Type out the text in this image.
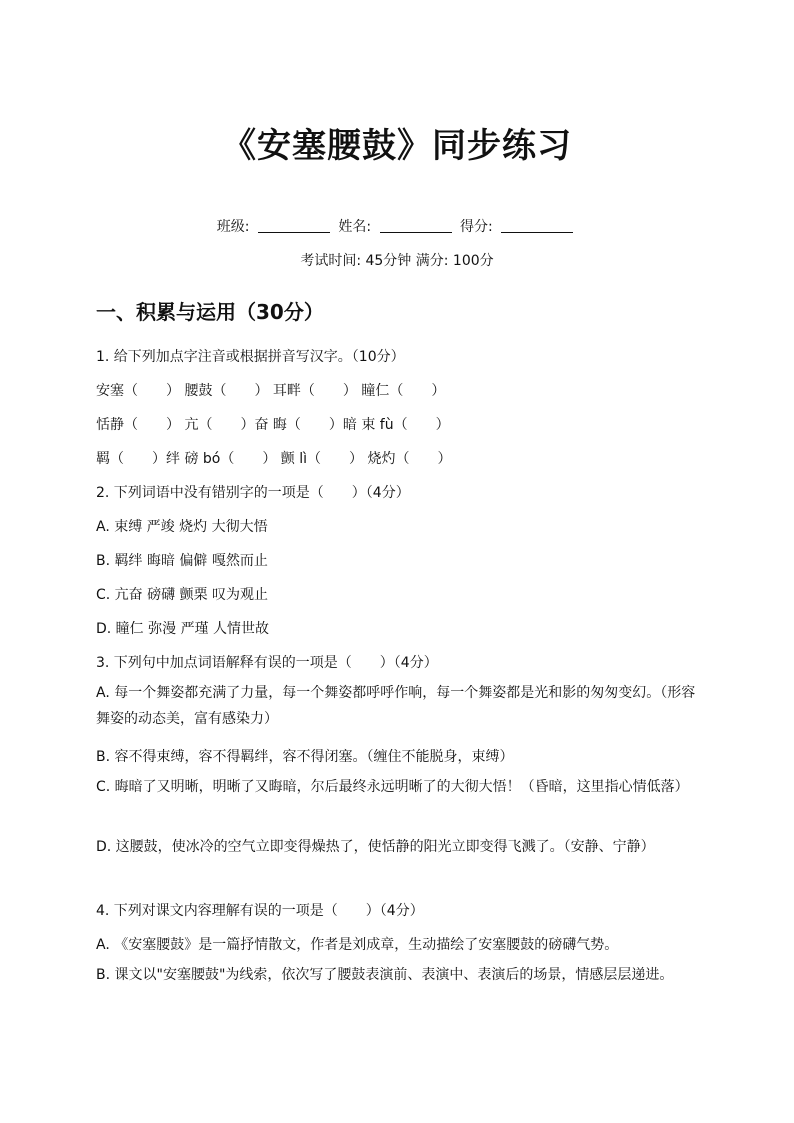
《安塞腰鼓》同步练习
班级:	姓名:	得分:
考试时间: 45分钟 满分: 100分
一、积累与运用（30分）
1. 给下列加点字注音或根据拼音写汉字。（10分）
安塞（　　） 腰鼓（　　） 耳畔（　　） 瞳仁（　　）
恬静（　　） 亢（　　）奋 晦（　　）暗 束 fù（　　）
羁（　　）绊 磅 bó（　　） 颤 lì（　　） 烧灼（　　）
2. 下列词语中没有错别字的一项是（　　）（4分）
A. 束缚 严竣 烧灼 大彻大悟
B. 羁绊 晦暗 偏僻 嘎然而止
C. 亢奋 磅礴 颤栗 叹为观止
D. 瞳仁 弥漫 严瑾 人情世故
3. 下列句中加点词语解释有误的一项是（　　）（4分）
A. 每一个舞姿都充满了力量，每一个舞姿都呼呼作响，每一个舞姿都是光和影的匆匆变幻。（形容舞姿的动态美，富有感染力）
B. 容不得束缚，容不得羁绊，容不得闭塞。（缠住不能脱身，束缚）
C. 晦暗了又明晰，明晰了又晦暗，尔后最终永远明晰了的大彻大悟！（昏暗，这里指心情低落）
D. 这腰鼓，使冰冷的空气立即变得燥热了，使恬静的阳光立即变得飞溅了。（安静、宁静）
4. 下列对课文内容理解有误的一项是（　　）（4分）
A. 《安塞腰鼓》是一篇抒情散文，作者是刘成章，生动描绘了安塞腰鼓的磅礴气势。
B. 课文以"安塞腰鼓"为线索，依次写了腰鼓表演前、表演中、表演后的场景，情感层层递进。
